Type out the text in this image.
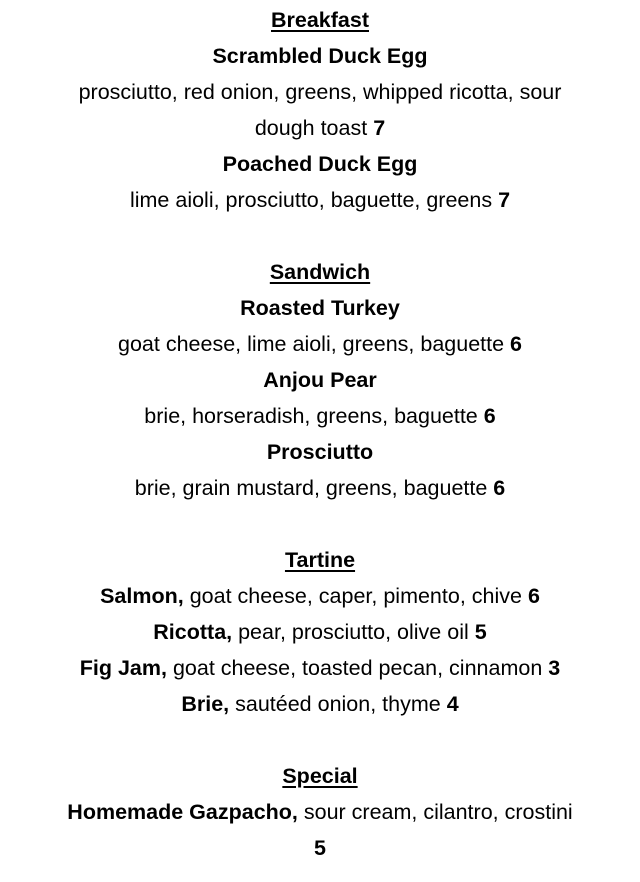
Breakfast
Scrambled Duck Egg
prosciutto, red onion, greens, whipped ricotta, sour
dough toast 7
Poached Duck Egg
lime aioli, prosciutto, baguette, greens 7
Sandwich
Roasted Turkey
goat cheese, lime aioli, greens, baguette 6
Anjou Pear
brie, horseradish, greens, baguette 6
Prosciutto
brie, grain mustard, greens, baguette 6
Tartine
Salmon, goat cheese, caper, pimento, chive 6
Ricotta, pear, prosciutto, olive oil 5
Fig Jam, goat cheese, toasted pecan, cinnamon 3
Brie, sautéed onion, thyme 4
Special
Homemade Gazpacho, sour cream, cilantro, crostini
5
